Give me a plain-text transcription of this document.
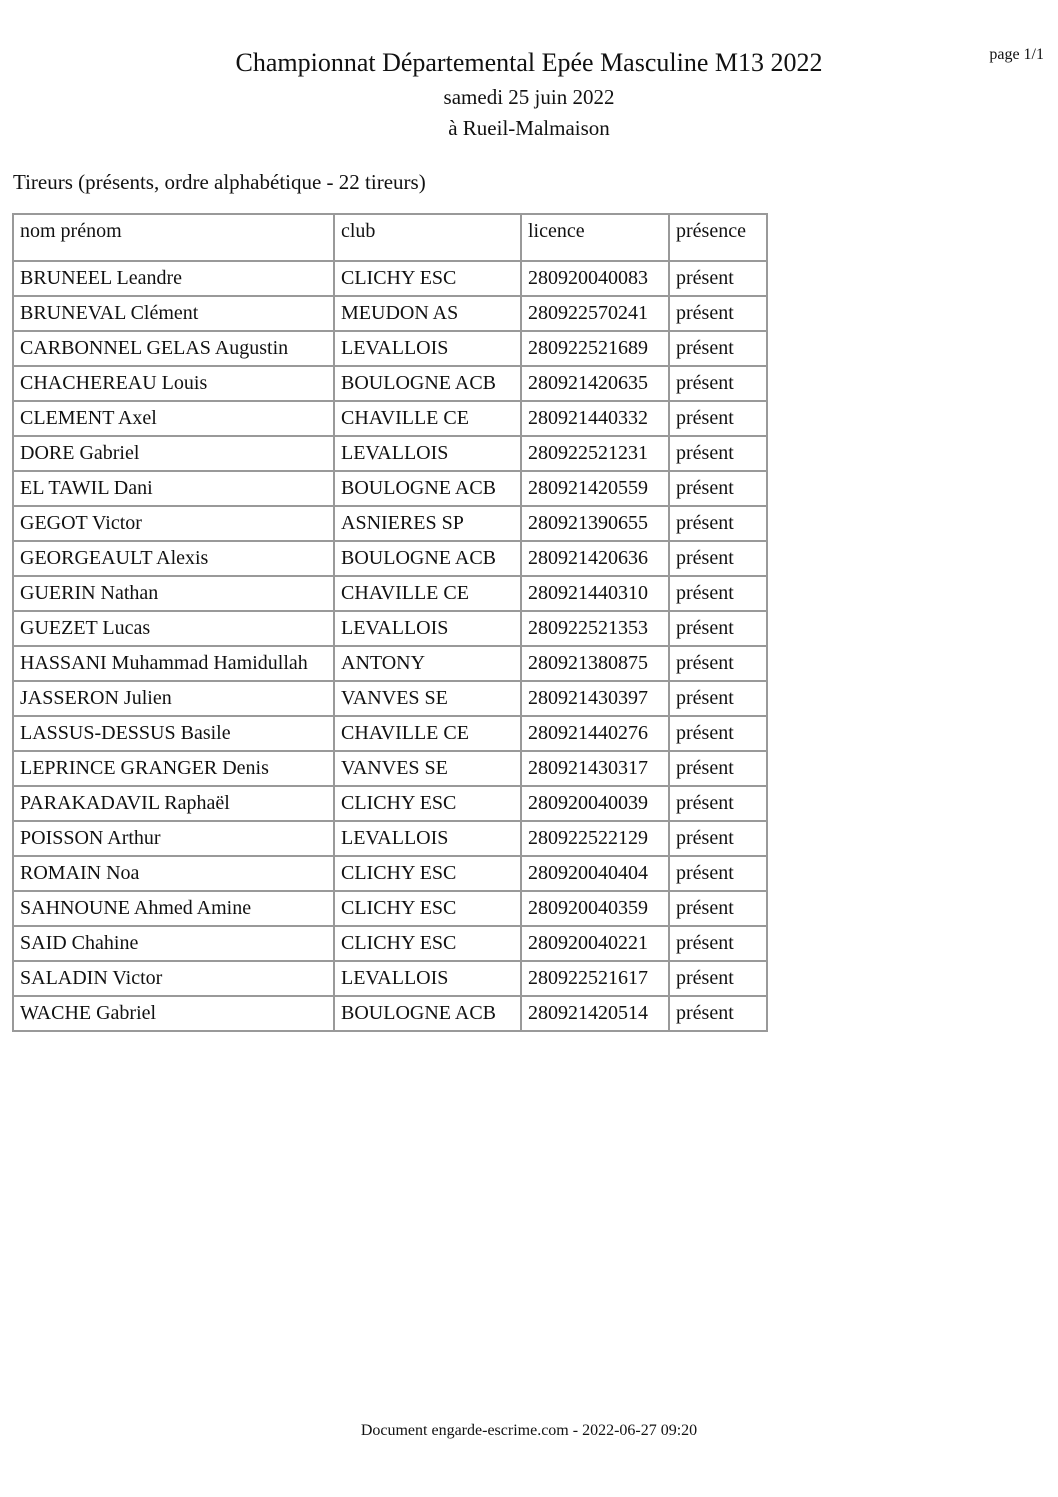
page 1/1
Championnat Départemental Epée Masculine M13 2022
samedi 25 juin 2022
à Rueil-Malmaison
Tireurs (présents, ordre alphabétique - 22 tireurs)
nom prénom	club	licence	présence
BRUNEEL Leandre	CLICHY ESC	280920040083	présent
BRUNEVAL Clément	MEUDON AS	280922570241	présent
CARBONNEL GELAS Augustin	LEVALLOIS	280922521689	présent
CHACHEREAU Louis	BOULOGNE ACB	280921420635	présent
CLEMENT Axel	CHAVILLE CE	280921440332	présent
DORE Gabriel	LEVALLOIS	280922521231	présent
EL TAWIL Dani	BOULOGNE ACB	280921420559	présent
GEGOT Victor	ASNIERES SP	280921390655	présent
GEORGEAULT Alexis	BOULOGNE ACB	280921420636	présent
GUERIN Nathan	CHAVILLE CE	280921440310	présent
GUEZET Lucas	LEVALLOIS	280922521353	présent
HASSANI Muhammad Hamidullah	ANTONY	280921380875	présent
JASSERON Julien	VANVES SE	280921430397	présent
LASSUS-DESSUS Basile	CHAVILLE CE	280921440276	présent
LEPRINCE GRANGER Denis	VANVES SE	280921430317	présent
PARAKADAVIL Raphaël	CLICHY ESC	280920040039	présent
POISSON Arthur	LEVALLOIS	280922522129	présent
ROMAIN Noa	CLICHY ESC	280920040404	présent
SAHNOUNE Ahmed Amine	CLICHY ESC	280920040359	présent
SAID Chahine	CLICHY ESC	280920040221	présent
SALADIN Victor	LEVALLOIS	280922521617	présent
WACHE Gabriel	BOULOGNE ACB	280921420514	présent
Document engarde-escrime.com - 2022-06-27 09:20
